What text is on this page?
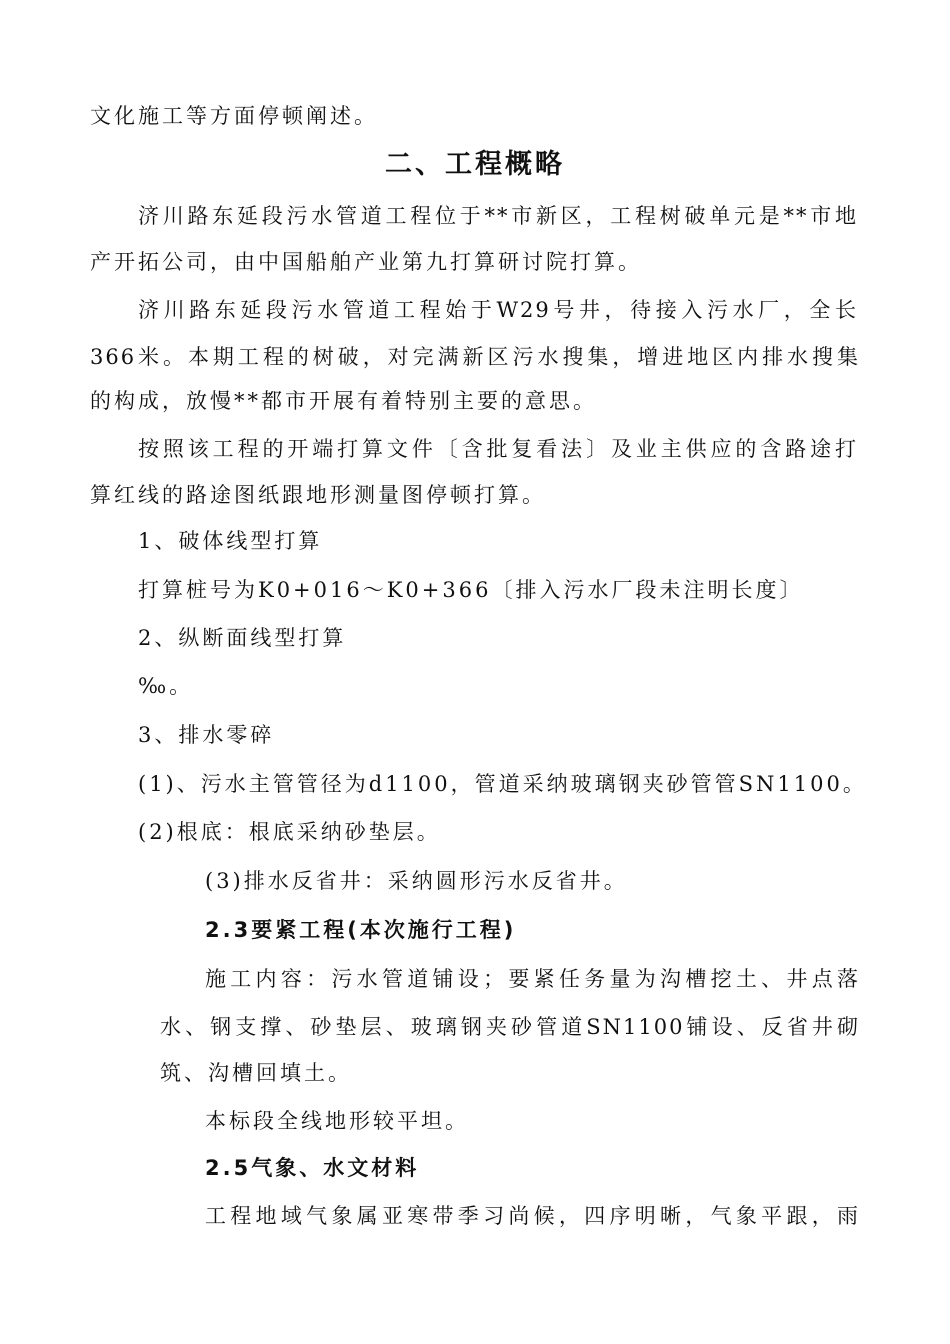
文化施工等方面停顿阐述。
二、工程概略
济川路东延段污水管道工程位于**市新区，工程树破单元是**市地
产开拓公司，由中国船舶产业第九打算研讨院打算。
济川路东延段污水管道工程始于W29号井，待接入污水厂，全长
366米。本期工程的树破，对完满新区污水搜集，增进地区内排水搜集
的构成，放慢**都市开展有着特别主要的意思。
按照该工程的开端打算文件〔含批复看法〕及业主供应的含路途打
算红线的路途图纸跟地形测量图停顿打算。
1、破体线型打算
打算桩号为K0+016～K0+366〔排入污水厂段未注明长度〕
2、纵断面线型打算
‰。
3、排水零碎
(1)、污水主管管径为d1100，管道采纳玻璃钢夹砂管管SN1100。
(2)根底：根底采纳砂垫层。
(3)排水反省井：采纳圆形污水反省井。
2.3要紧工程(本次施行工程)
施工内容：污水管道铺设；要紧任务量为沟槽挖土、井点落
水、钢支撑、砂垫层、玻璃钢夹砂管道SN1100铺设、反省井砌
筑、沟槽回填土。
本标段全线地形较平坦。
2.5气象、水文材料
工程地域气象属亚寒带季习尚候，四序明晰，气象平跟，雨
